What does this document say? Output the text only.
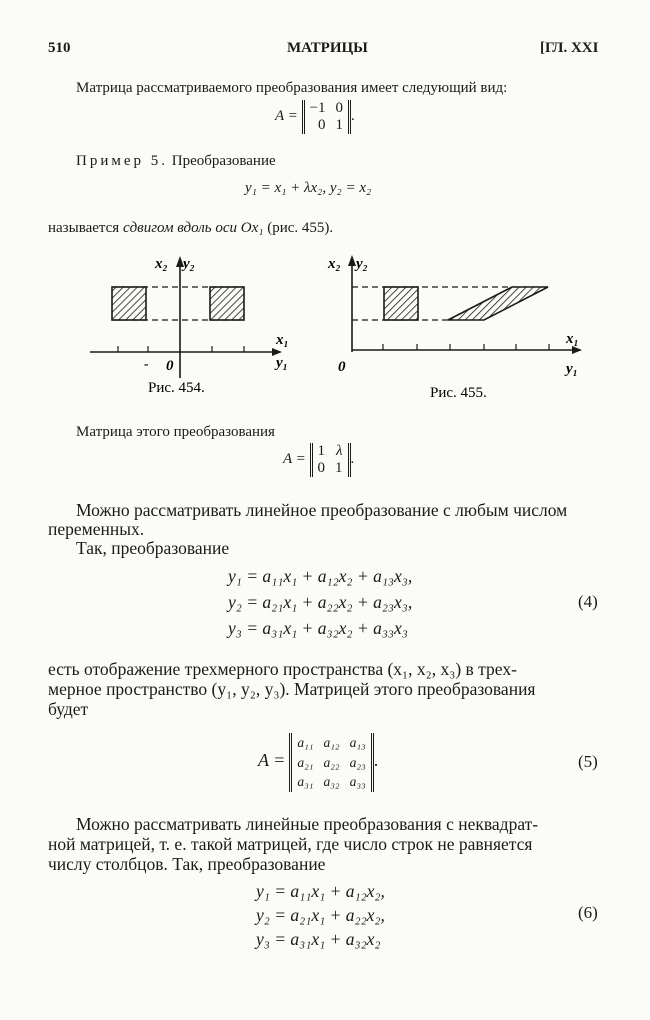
510	МАТРИЦЫ	[ГЛ. XXI
Матрица рассматриваемого преобразования имеет следующий вид:
A =
−1 0
0 1
.
Пример 5. Преобразование
y₁ = x₁ + λx₂, y₂ = x₂
называется сдвигом вдоль оси Ox₁ (рис. 455).
x₂ y₂
x₁
y₁
0
-
Рис. 454.
x₂ y₂
x₁
y₁
0
Рис. 455.
Матрица этого преобразования
A =
1 λ
0 1
.
Можно рассматривать линейное преобразование с любым числом
переменных.
Так, преобразование
y₁ = a₁₁x₁ + a₁₂x₂ + a₁₃x₃,
y₂ = a₂₁x₁ + a₂₂x₂ + a₂₃x₃,
y₃ = a₃₁x₁ + a₃₂x₂ + a₃₃x₃
(4)
есть отображение трехмерного пространства (x₁, x₂, x₃) в трех-
мерное пространство (y₁, y₂, y₃). Матрицей этого преобразования
будет
A =
a₁₁ a₁₂ a₁₃
a₂₁ a₂₂ a₂₃
a₃₁ a₃₂ a₃₃
.	(5)
Можно рассматривать линейные преобразования с неквадрат-
ной матрицей, т. е. такой матрицей, где число строк не равняется
числу столбцов. Так, преобразование
y₁ = a₁₁x₁ + a₁₂x₂,
y₂ = a₂₁x₁ + a₂₂x₂,
y₃ = a₃₁x₁ + a₃₂x₂
(6)
